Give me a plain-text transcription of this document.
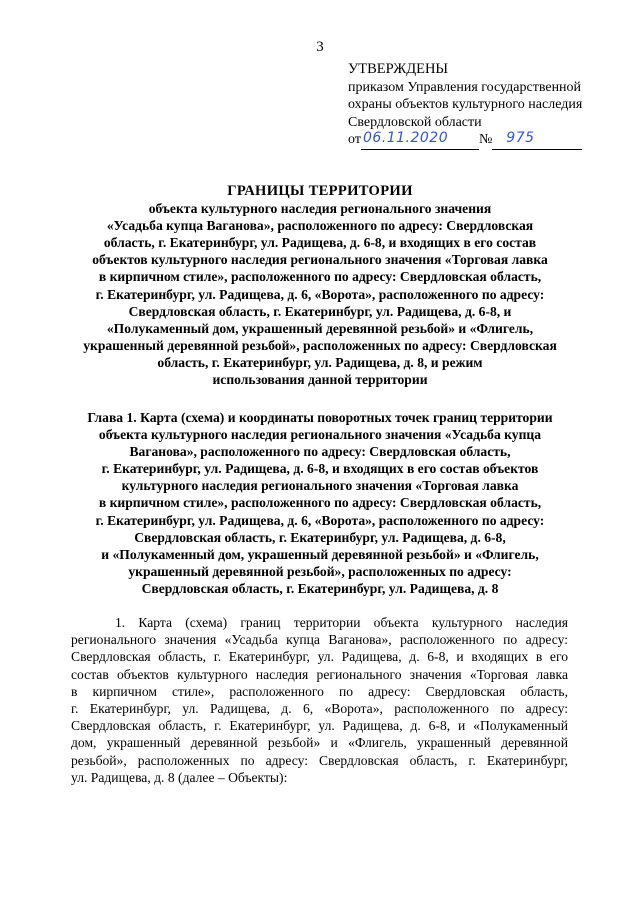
3
УТВЕРЖДЕНЫ
приказом Управления государственной
охраны объектов культурного наследия
Свердловской области
от 06.11.2020 № 975
ГРАНИЦЫ ТЕРРИТОРИИ
объекта культурного наследия регионального значения
«Усадьба купца Ваганова», расположенного по адресу: Свердловская
область, г. Екатеринбург, ул. Радищева, д. 6-8, и входящих в его состав
объектов культурного наследия регионального значения «Торговая лавка
в кирпичном стиле», расположенного по адресу: Свердловская область,
г. Екатеринбург, ул. Радищева, д. 6, «Ворота», расположенного по адресу:
Свердловская область, г. Екатеринбург, ул. Радищева, д. 6-8, и
«Полукаменный дом, украшенный деревянной резьбой» и «Флигель,
украшенный деревянной резьбой», расположенных по адресу: Свердловская
область, г. Екатеринбург, ул. Радищева, д. 8, и режим
использования данной территории
Глава 1. Карта (схема) и координаты поворотных точек границ территории
объекта культурного наследия регионального значения «Усадьба купца
Ваганова», расположенного по адресу: Свердловская область,
г. Екатеринбург, ул. Радищева, д. 6-8, и входящих в его состав объектов
культурного наследия регионального значения «Торговая лавка
в кирпичном стиле», расположенного по адресу: Свердловская область,
г. Екатеринбург, ул. Радищева, д. 6, «Ворота», расположенного по адресу:
Свердловская область, г. Екатеринбург, ул. Радищева, д. 6-8,
и «Полукаменный дом, украшенный деревянной резьбой» и «Флигель,
украшенный деревянной резьбой», расположенных по адресу:
Свердловская область, г. Екатеринбург, ул. Радищева, д. 8
1. Карта (схема) границ территории объекта культурного наследия
регионального значения «Усадьба купца Ваганова», расположенного по адресу:
Свердловская область, г. Екатеринбург, ул. Радищева, д. 6-8, и входящих в его
состав объектов культурного наследия регионального значения «Торговая лавка
в кирпичном стиле», расположенного по адресу: Свердловская область,
г. Екатеринбург, ул. Радищева, д. 6, «Ворота», расположенного по адресу:
Свердловская область, г. Екатеринбург, ул. Радищева, д. 6-8, и «Полукаменный
дом, украшенный деревянной резьбой» и «Флигель, украшенный деревянной
резьбой», расположенных по адресу: Свердловская область, г. Екатеринбург,
ул. Радищева, д. 8 (далее – Объекты):
